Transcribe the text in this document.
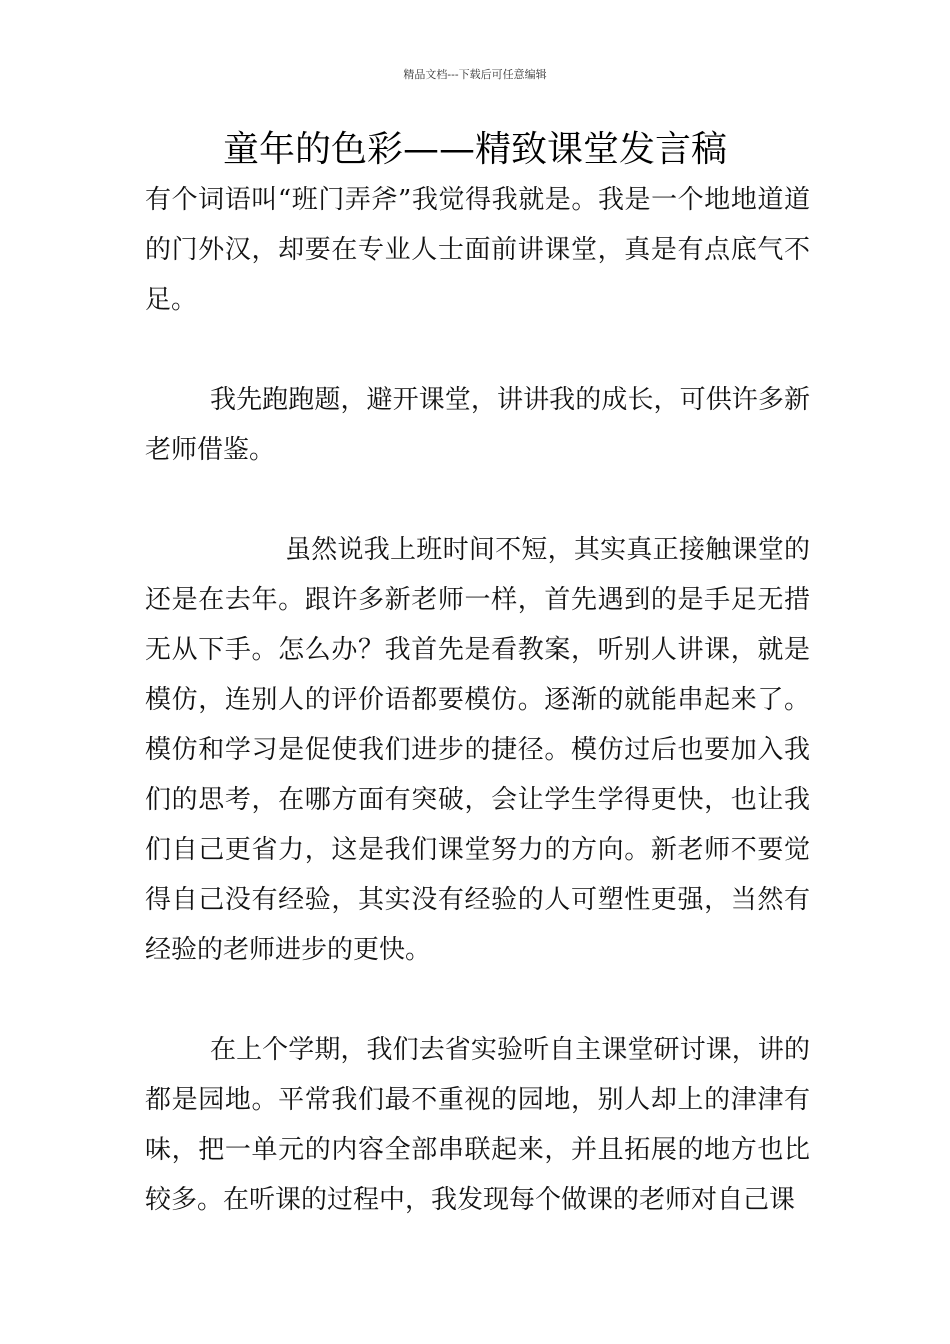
精品文档---下载后可任意编辑
童年的色彩——精致课堂发言稿

有个词语叫“班门弄斧”我觉得我就是。我是一个地地道道的门外汉，却要在专业人士面前讲课堂，真是有点底气不足。

我先跑跑题，避开课堂，讲讲我的成长，可供许多新老师借鉴。

虽然说我上班时间不短，其实真正接触课堂的还是在去年。跟许多新老师一样，首先遇到的是手足无措无从下手。怎么办？我首先是看教案，听别人讲课，就是模仿，连别人的评价语都要模仿。逐渐的就能串起来了。模仿和学习是促使我们进步的捷径。模仿过后也要加入我们的思考，在哪方面有突破，会让学生学得更快，也让我们自己更省力，这是我们课堂努力的方向。新老师不要觉得自己没有经验，其实没有经验的人可塑性更强，当然有经验的老师进步的更快。

在上个学期，我们去省实验听自主课堂研讨课，讲的都是园地。平常我们最不重视的园地，别人却上的津津有味，把一单元的内容全部串联起来，并且拓展的地方也比较多。在听课的过程中，我发现每个做课的老师对自己课
